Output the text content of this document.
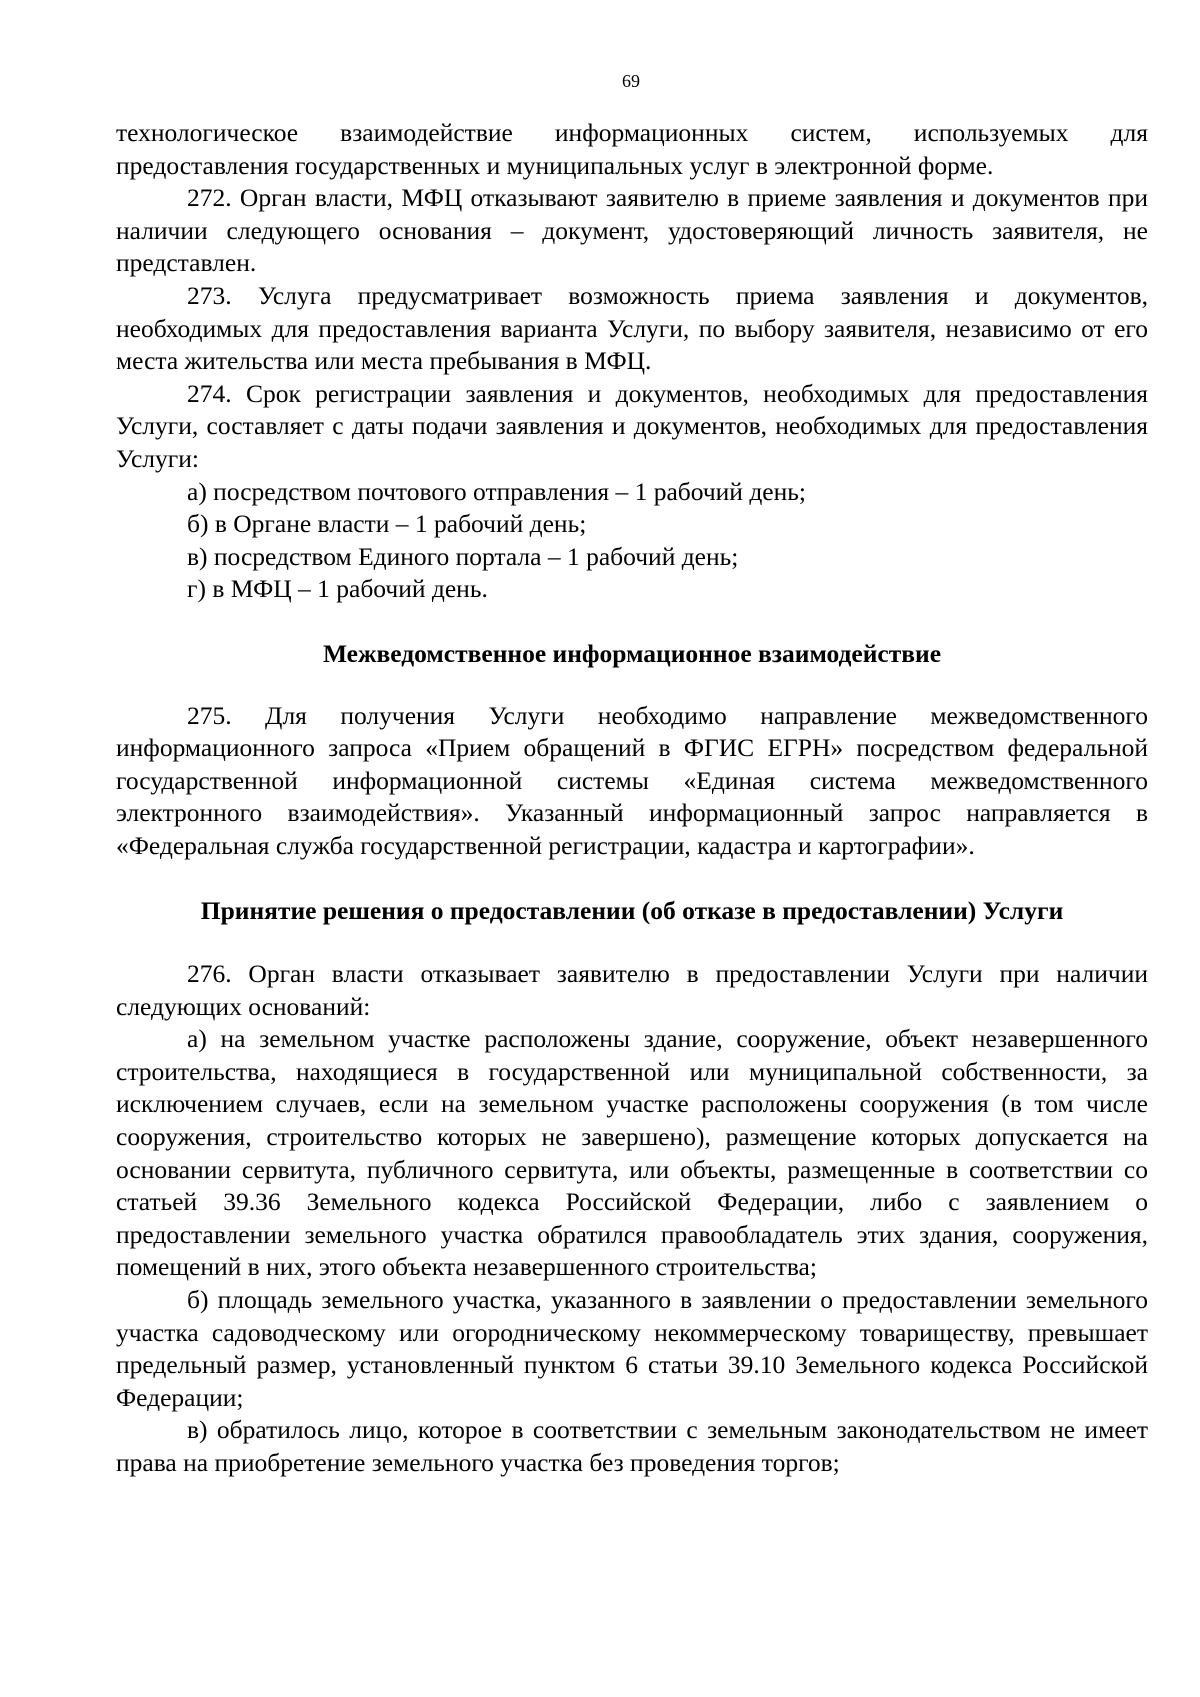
69

технологическое взаимодействие информационных систем, используемых для предоставления государственных и муниципальных услуг в электронной форме.

272. Орган власти, МФЦ отказывают заявителю в приеме заявления и документов при наличии следующего основания – документ, удостоверяющий личность заявителя, не представлен.

273. Услуга предусматривает возможность приема заявления и документов, необходимых для предоставления варианта Услуги, по выбору заявителя, независимо от его места жительства или места пребывания в МФЦ.

274. Срок регистрации заявления и документов, необходимых для предоставления Услуги, составляет с даты подачи заявления и документов, необходимых для предоставления Услуги:

а) посредством почтового отправления – 1 рабочий день;

б) в Органе власти – 1 рабочий день;

в) посредством Единого портала – 1 рабочий день;

г) в МФЦ – 1 рабочий день.

Межведомственное информационное взаимодействие

275. Для получения Услуги необходимо направление межведомственного информационного запроса «Прием обращений в ФГИС ЕГРН» посредством федеральной государственной информационной системы «Единая система межведомственного электронного взаимодействия». Указанный информационный запрос направляется в «Федеральная служба государственной регистрации, кадастра и картографии».

Принятие решения о предоставлении (об отказе в предоставлении) Услуги

276. Орган власти отказывает заявителю в предоставлении Услуги при наличии следующих оснований:

а) на земельном участке расположены здание, сооружение, объект незавершенного строительства, находящиеся в государственной или муниципальной собственности, за исключением случаев, если на земельном участке расположены сооружения (в том числе сооружения, строительство которых не завершено), размещение которых допускается на основании сервитута, публичного сервитута, или объекты, размещенные в соответствии со статьей 39.36 Земельного кодекса Российской Федерации, либо с заявлением о предоставлении земельного участка обратился правообладатель этих здания, сооружения, помещений в них, этого объекта незавершенного строительства;

б) площадь земельного участка, указанного в заявлении о предоставлении земельного участка садоводческому или огородническому некоммерческому товариществу, превышает предельный размер, установленный пунктом 6 статьи 39.10 Земельного кодекса Российской Федерации;

в) обратилось лицо, которое в соответствии с земельным законодательством не имеет права на приобретение земельного участка без проведения торгов;
